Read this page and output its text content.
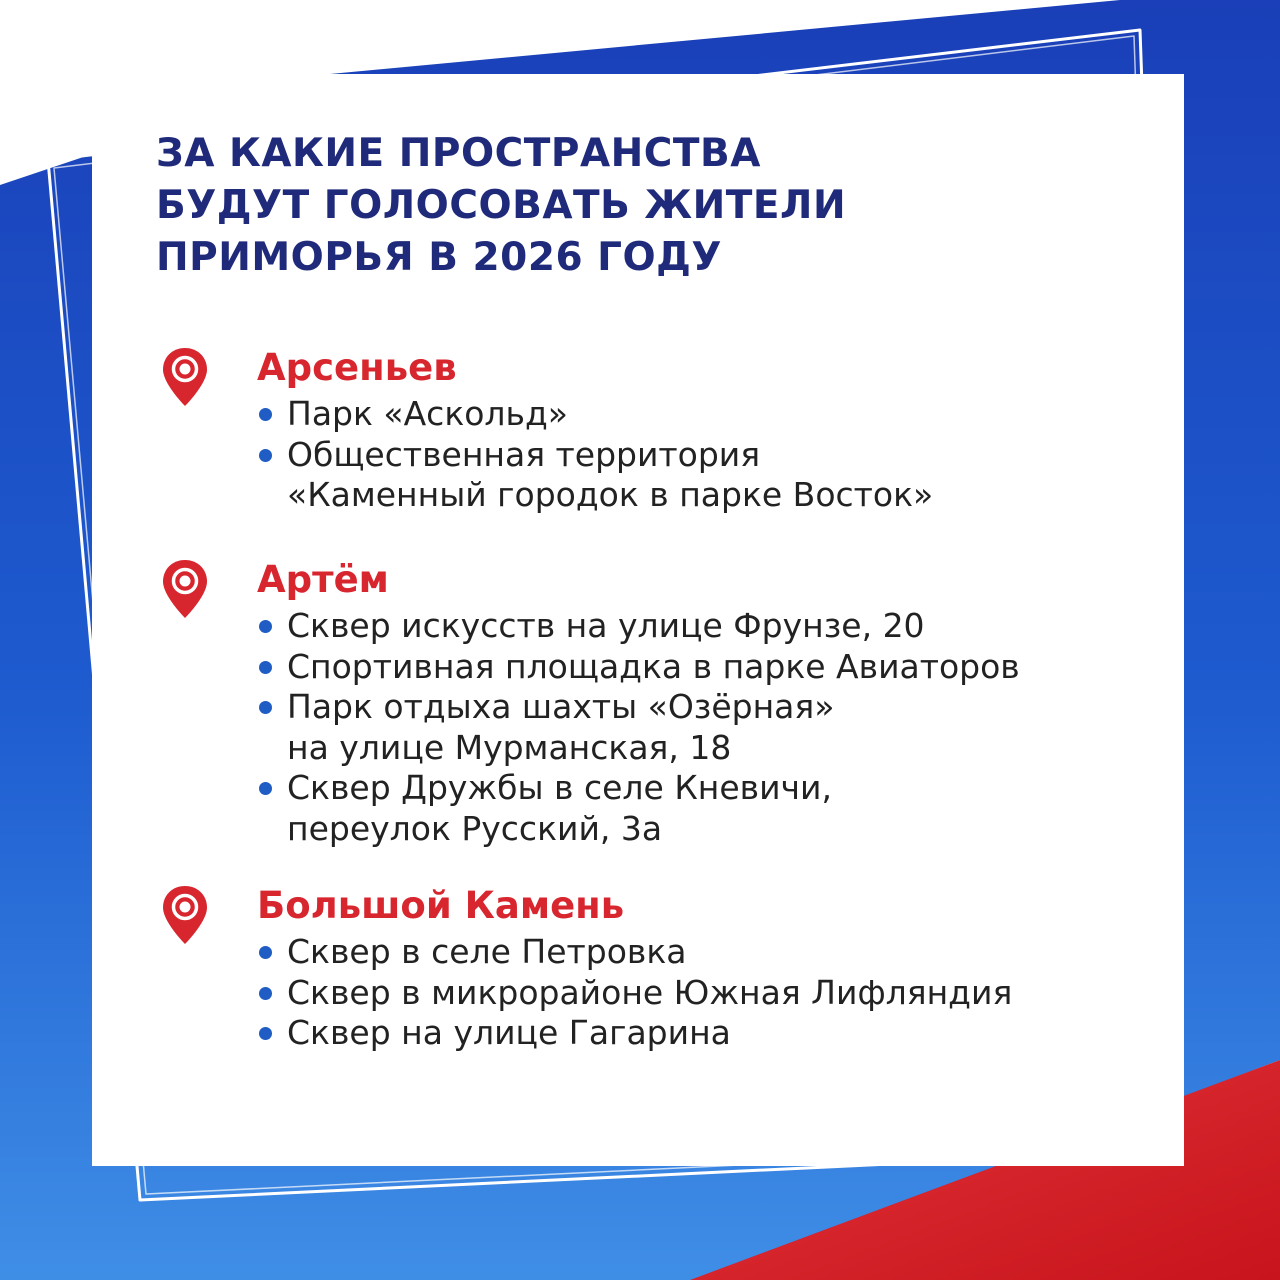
ЗА КАКИЕ ПРОСТРАНСТВА
БУДУТ ГОЛОСОВАТЬ ЖИТЕЛИ
ПРИМОРЬЯ В 2026 ГОДУ
Арсеньев
Парк «Аскольд»
Общественная территория
«Каменный городок в парке Восток»
Артём
Сквер искусств на улице Фрунзе, 20
Спортивная площадка в парке Авиаторов
Парк отдыха шахты «Озёрная»
на улице Мурманская, 18
Сквер Дружбы в селе Кневичи,
переулок Русский, 3а
Большой Камень
Сквер в селе Петровка
Сквер в микрорайоне Южная Лифляндия
Сквер на улице Гагарина
